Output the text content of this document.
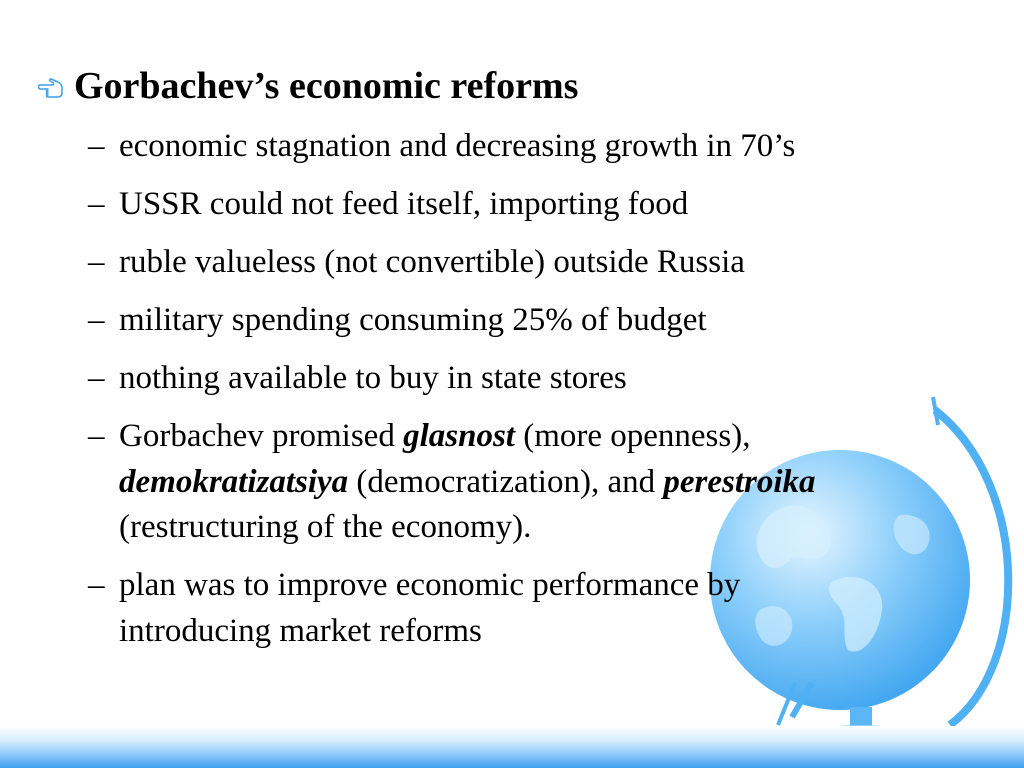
Gorbachev’s economic reforms
– economic stagnation and decreasing growth in 70’s
– USSR could not feed itself, importing food
– ruble valueless (not convertible) outside Russia
– military spending consuming 25% of budget
– nothing available to buy in state stores
– Gorbachev promised glasnost (more openness), demokratizatsiya (democratization), and perestroika (restructuring of the economy).
– plan was to improve economic performance by introducing market reforms
